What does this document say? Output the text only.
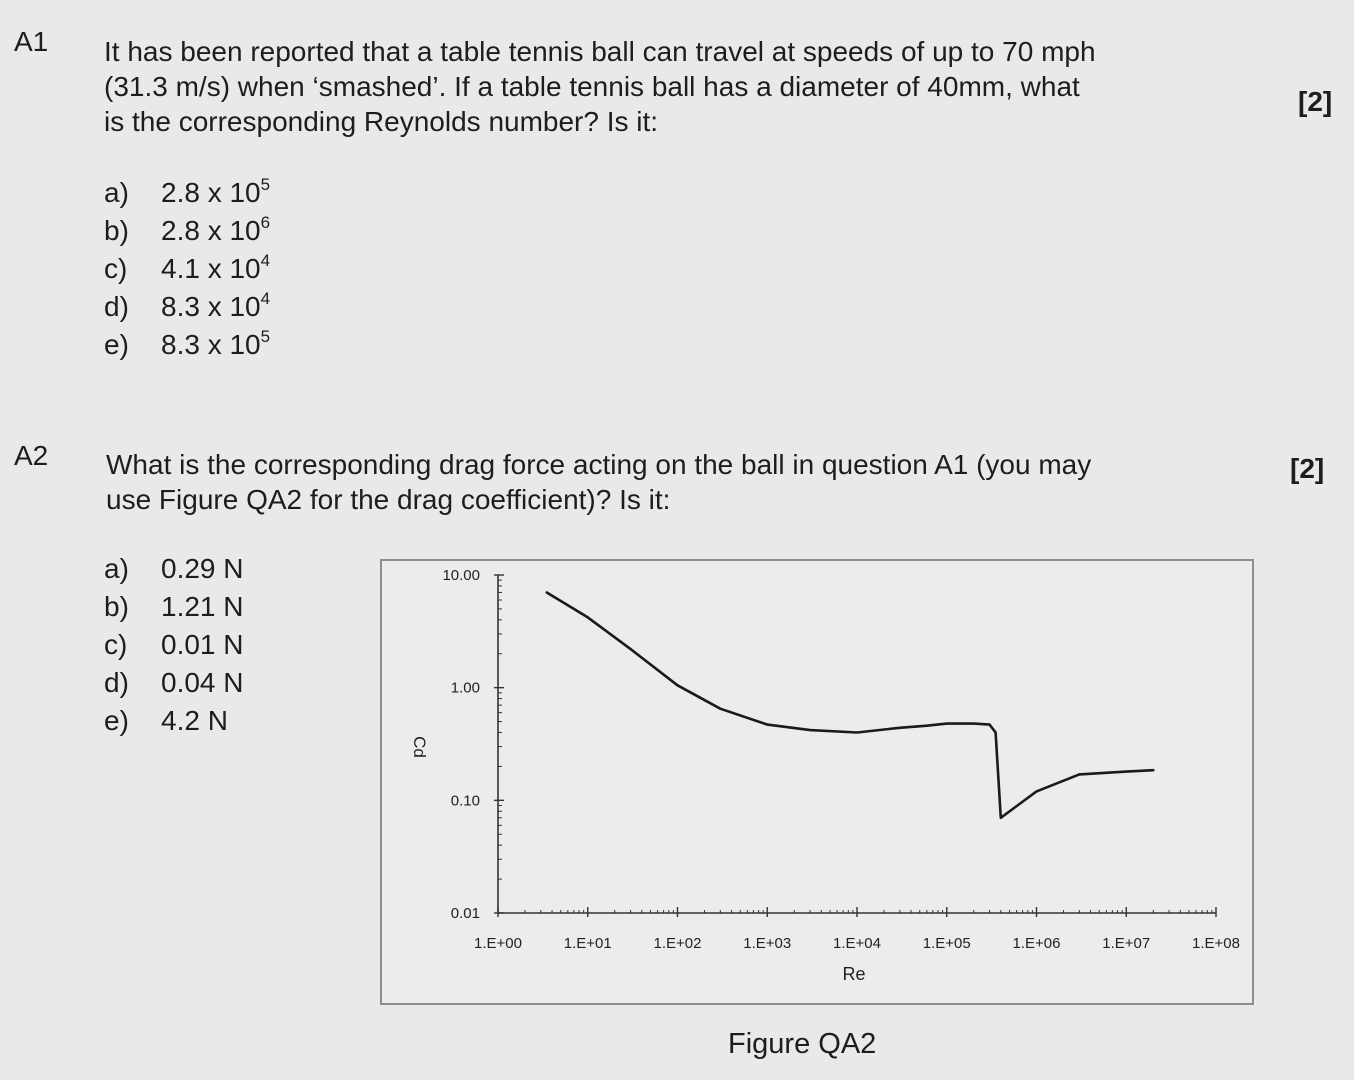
A1 It has been reported that a table tennis ball can travel at speeds of up to 70 mph
(31.3 m/s) when ‘smashed’. If a table tennis ball has a diameter of 40mm, what
is the corresponding Reynolds number? Is it:
[2]
a) 2.8 x $10^5$
b) 2.8 x $10^6$
c) 4.1 x $10^4$
d) 8.3 x $10^4$
e) 8.3 x $10^5$
A2 What is the corresponding drag force acting on the ball in question A1 (you may
use Figure QA2 for the drag coefficient)? Is it:
[2]
a) 0.29 N
b) 1.21 N
c) 0.01 N
d) 0.04 N
e) 4.2 N
1.E+00	1.E+01	1.E+02	1.E+03	1.E+04	1.E+05	1.E+06	1.E+07	1.E+08
10.00
1.00
0.10
0.01
Re
Cd
Figure QA2
